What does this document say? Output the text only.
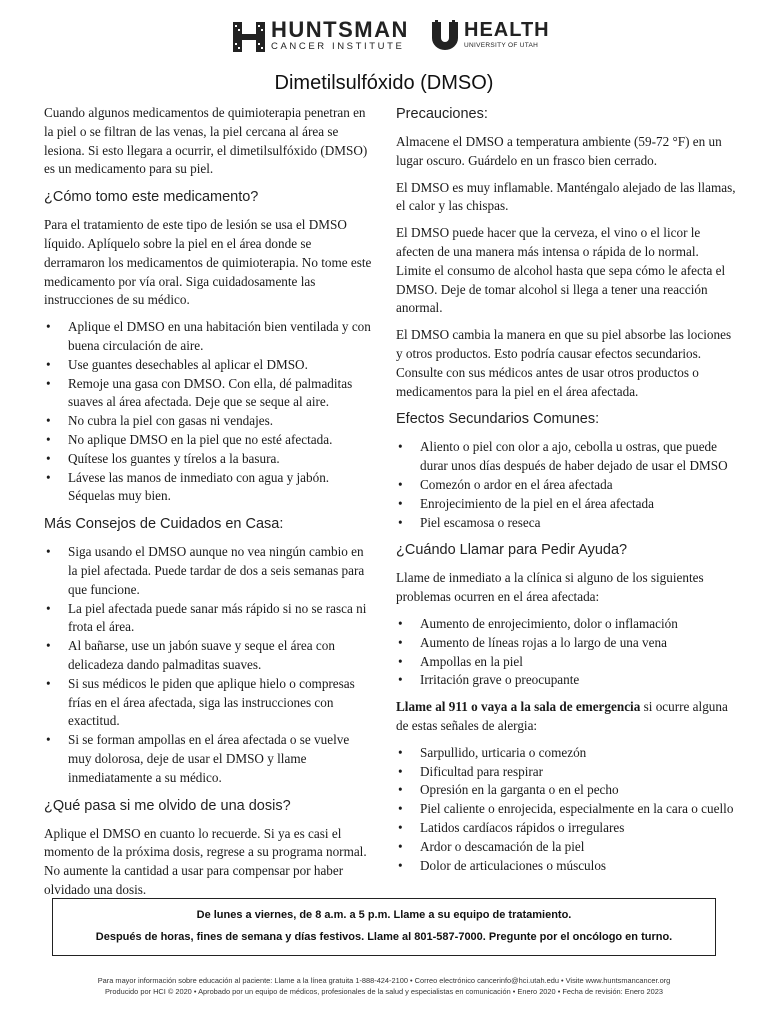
HUNTSMAN
CANCER INSTITUTE
HEALTH
UNIVERSITY OF UTAH
Dimetilsulfóxido (DMSO)

Cuando algunos medicamentos de quimioterapia penetran en la piel o se filtran de las venas, la piel cercana al área se lesiona. Si esto llegara a ocurrir, el dimetilsulfóxido (DMSO) es un medicamento para su piel.

¿Cómo tomo este medicamento?

Para el tratamiento de este tipo de lesión se usa el DMSO líquido. Aplíquelo sobre la piel en el área donde se derramaron los medicamentos de quimioterapia. No tome este medicamento por vía oral. Siga cuidadosamente las instrucciones de su médico.

• Aplique el DMSO en una habitación bien ventilada y con buena circulación de aire.
• Use guantes desechables al aplicar el DMSO.
• Remoje una gasa con DMSO. Con ella, dé palmaditas suaves al área afectada. Deje que se seque al aire.
• No cubra la piel con gasas ni vendajes.
• No aplique DMSO en la piel que no esté afectada.
• Quítese los guantes y tírelos a la basura.
• Lávese las manos de inmediato con agua y jabón. Séquelas muy bien.
Más Consejos de Cuidados en Casa:
• Siga usando el DMSO aunque no vea ningún cambio en la piel afectada. Puede tardar de dos a seis semanas para que funcione.
• La piel afectada puede sanar más rápido si no se rasca ni frota el área.
• Al bañarse, use un jabón suave y seque el área con delicadeza dando palmaditas suaves.
• Si sus médicos le piden que aplique hielo o compresas frías en el área afectada, siga las instrucciones con exactitud.
• Si se forman ampollas en el área afectada o se vuelve muy dolorosa, deje de usar el DMSO y llame inmediatamente a su médico.
¿Qué pasa si me olvido de una dosis?

Aplique el DMSO en cuanto lo recuerde. Si ya es casi el momento de la próxima dosis, regrese a su programa normal. No aumente la cantidad a usar para compensar por haber olvidado una dosis.

Precauciones:

Almacene el DMSO a temperatura ambiente (59-72 °F) en un lugar oscuro. Guárdelo en un frasco bien cerrado.

El DMSO es muy inflamable. Manténgalo alejado de las llamas, el calor y las chispas.

El DMSO puede hacer que la cerveza, el vino o el licor le afecten de una manera más intensa o rápida de lo normal. Limite el consumo de alcohol hasta que sepa cómo le afecta el DMSO. Deje de tomar alcohol si llega a tener una reacción anormal.

El DMSO cambia la manera en que su piel absorbe las lociones y otros productos. Esto podría causar efectos secundarios. Consulte con sus médicos antes de usar otros productos o medicamentos para la piel en el área afectada.

Efectos Secundarios Comunes:
• Aliento o piel con olor a ajo, cebolla u ostras, que puede durar unos días después de haber dejado de usar el DMSO
• Comezón o ardor en el área afectada
• Enrojecimiento de la piel en el área afectada
• Piel escamosa o reseca
¿Cuándo Llamar para Pedir Ayuda?

Llame de inmediato a la clínica si alguno de los siguientes problemas ocurren en el área afectada:

• Aumento de enrojecimiento, dolor o inflamación
• Aumento de líneas rojas a lo largo de una vena
• Ampollas en la piel
• Irritación grave o preocupante

Llame al 911 o vaya a la sala de emergencia si ocurre alguna de estas señales de alergia:

• Sarpullido, urticaria o comezón
• Dificultad para respirar
• Opresión en la garganta o en el pecho
• Piel caliente o enrojecida, especialmente en la cara o cuello
• Latidos cardíacos rápidos o irregulares
• Ardor o descamación de la piel
• Dolor de articulaciones o músculos
De lunes a viernes, de 8 a.m. a 5 p.m. Llame a su equipo de tratamiento.
Después de horas, fines de semana y días festivos. Llame al 801-587-7000. Pregunte por el oncólogo en turno.
Para mayor información sobre educación al paciente: Llame a la línea gratuita 1-888-424-2100 • Correo electrónico cancerinfo@hci.utah.edu • Visite www.huntsmancancer.org
Producido por HCI © 2020 • Aprobado por un equipo de médicos, profesionales de la salud y especialistas en comunicación • Enero 2020 • Fecha de revisión: Enero 2023
